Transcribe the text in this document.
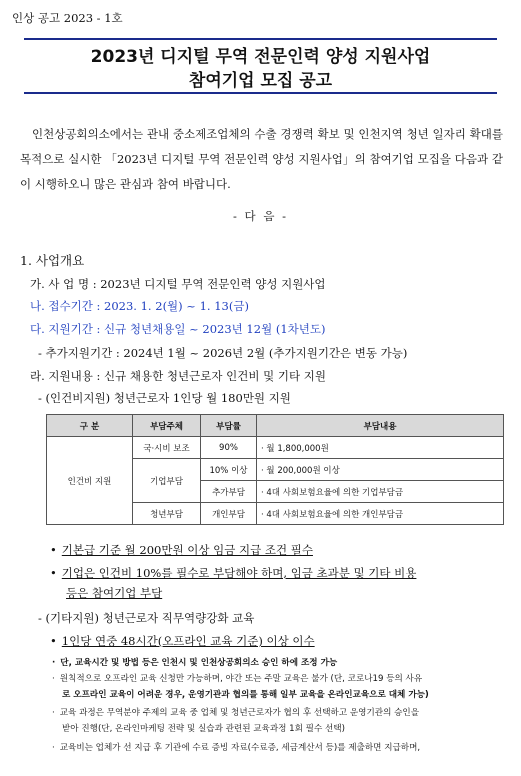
인상 공고 2023 - 1호
2023년 디지털 무역 전문인력 양성 지원사업
참여기업 모집 공고
인천상공회의소에서는 관내 중소제조업체의 수출 경쟁력 확보 및 인천지역 청년 일자리 확대를 목적으로 실시한 「2023년 디지털 무역 전문인력 양성 지원사업」의 참여기업 모집을 다음과 같이 시행하오니 많은 관심과 참여 바랍니다.
- 다 음 -
1. 사업개요
가. 사 업 명 : 2023년 디지털 무역 전문인력 양성 지원사업
나. 접수기간 : 2023. 1. 2(월) ~ 1. 13(금)
다. 지원기간 : 신규 청년채용일 ~ 2023년 12월 (1차년도)
- 추가지원기간 : 2024년 1월 ~ 2026년 2월 (추가지원기간은 변동 가능)
라. 지원내용 : 신규 채용한 청년근로자 인건비 및 기타 지원
- (인건비지원) 청년근로자 1인당 월 180만원 지원
구 분	부담주체	부담률	부담내용
인건비 지원	국·시비 보조	90%	· 월 1,800,000원
	기업부담	10% 이상	· 월 200,000원 이상
		추가부담	· 4대 사회보험요율에 의한 기업부담금
	청년부담	개인부담	· 4대 사회보험요율에 의한 개인부담금
• 기본급 기준 월 200만원 이상 임금 지급 조건 필수
• 기업은 인건비 10%를 필수로 부담해야 하며, 임금 초과분 및 기타 비용
등은 참여기업 부담
- (기타지원) 청년근로자 직무역량강화 교육
• 1인당 연중 48시간(오프라인 교육 기준) 이상 이수
· 단, 교육시간 및 방법 등은 인천시 및 인천상공회의소 승인 하에 조정 가능
· 원칙적으로 오프라인 교육 신청만 가능하며, 야간 또는 주말 교육은 불가 (단, 코로나19 등의 사유
로 오프라인 교육이 어려운 경우, 운영기관과 협의를 통해 일부 교육을 온라인교육으로 대체 가능)
· 교육 과정은 무역분야 주제의 교육 중 업체 및 청년근로자가 협의 후 선택하고 운영기관의 승인을
받아 진행(단, 온라인마케팅 전략 및 실습과 관련된 교육과정 1회 필수 선택)
· 교육비는 업체가 선 지급 후 기관에 수료 증빙 자료(수료증, 세금계산서 등)를 제출하면 지급하며,
